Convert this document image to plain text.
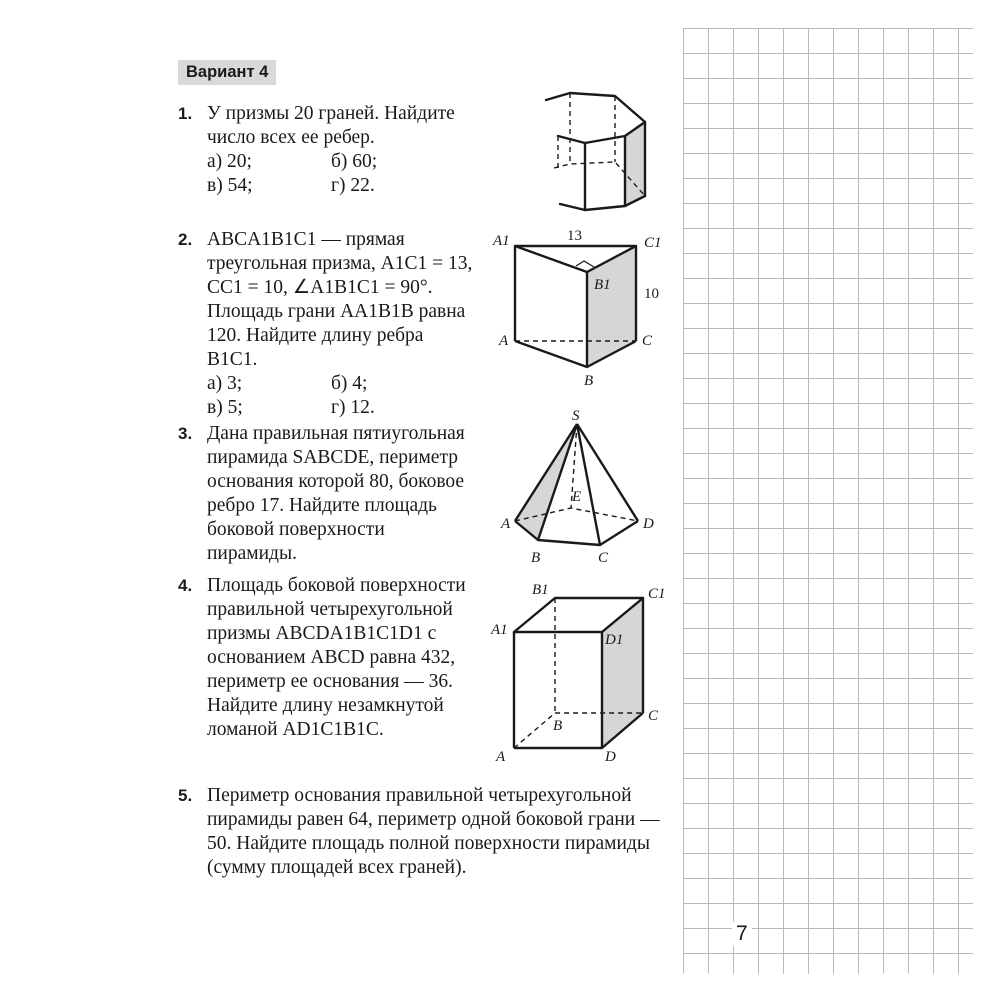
Вариант 4
1. У призмы 20 граней. Найдите число всех ее ребер.
а) 20;	б) 60;
в) 54;	г) 22.
2. ABCA1B1C1 — прямая треугольная призма, A1C1 = 13, CC1 = 10, ∠A1B1C1 = 90°. Площадь грани AA1B1B равна 120. Найдите длину ребра B1C1.
а) 3;	б) 4;
в) 5;	г) 12.
3. Дана правильная пятиугольная пирамида SABCDE, периметр основания которой 80, боковое ребро 17. Найдите площадь боковой поверхности пирамиды.
4. Площадь боковой поверхности правильной четырехугольной призмы ABCDA1B1C1D1 с основанием ABCD равна 432, периметр ее основания — 36. Найдите длину незамкнутой ломаной AD1C1B1C.
5. Периметр основания правильной четырехугольной пирамиды равен 64, периметр одной боковой грани — 50. Найдите площадь полной поверхности пирамиды (сумму площадей всех граней).
A1	13	C1
B1
10
A	C
B
S
A
B	C
D
E
B1	C1
A1
D1
B
C
A	D
7
